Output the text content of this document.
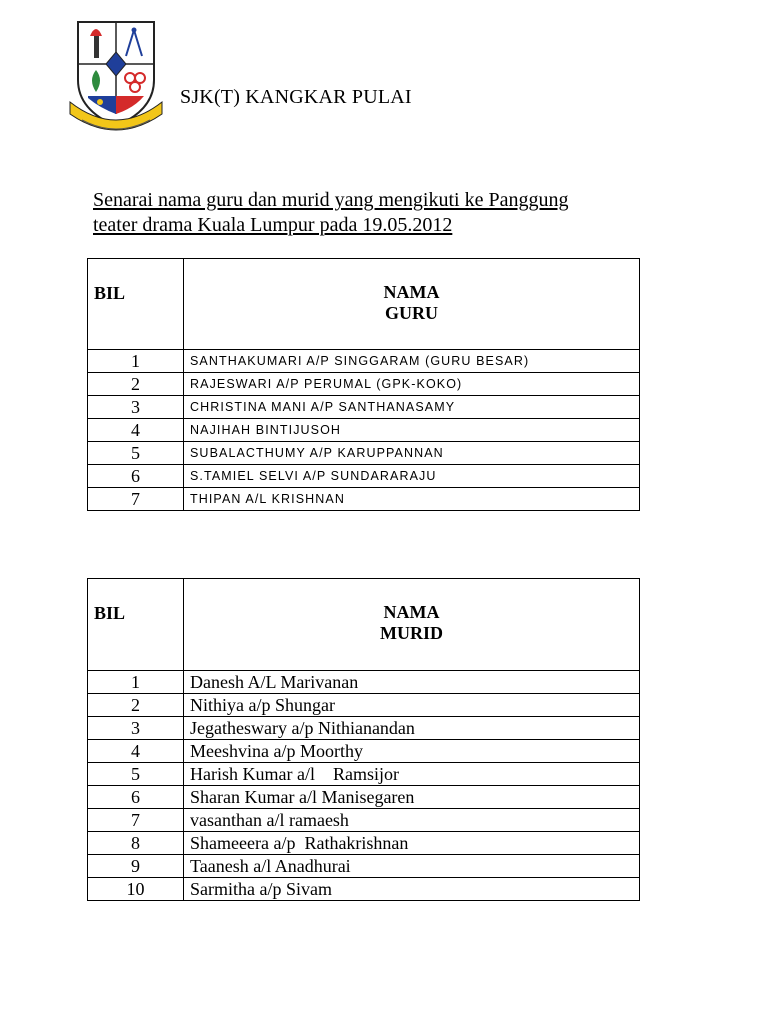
SJK(T) KANGKAR PULAI
Senarai nama guru dan murid yang mengikuti ke Panggung
teater drama Kuala Lumpur pada 19.05.2012
BIL	NAMA
GURU
1	SANTHAKUMARI A/P SINGGARAM (GURU BESAR)
2	RAJESWARI A/P PERUMAL (GPK-KOKO)
3	CHRISTINA MANI A/P SANTHANASAMY
4	NAJIHAH BINTIJUSOH
5	SUBALACTHUMY A/P KARUPPANNAN
6	S.TAMIEL SELVI A/P SUNDARARAJU
7	THIPAN A/L KRISHNAN
BIL	NAMA
MURID
1	Danesh A/L Marivanan
2	Nithiya a/p Shungar
3	Jegatheswary a/p Nithianandan
4	Meeshvina a/p Moorthy
5	Harish Kumar a/l    Ramsijor
6	Sharan Kumar a/l Manisegaren
7	vasanthan a/l ramaesh
8	Shameeera a/p  Rathakrishnan
9	Taanesh a/l Anadhurai
10	Sarmitha a/p Sivam
